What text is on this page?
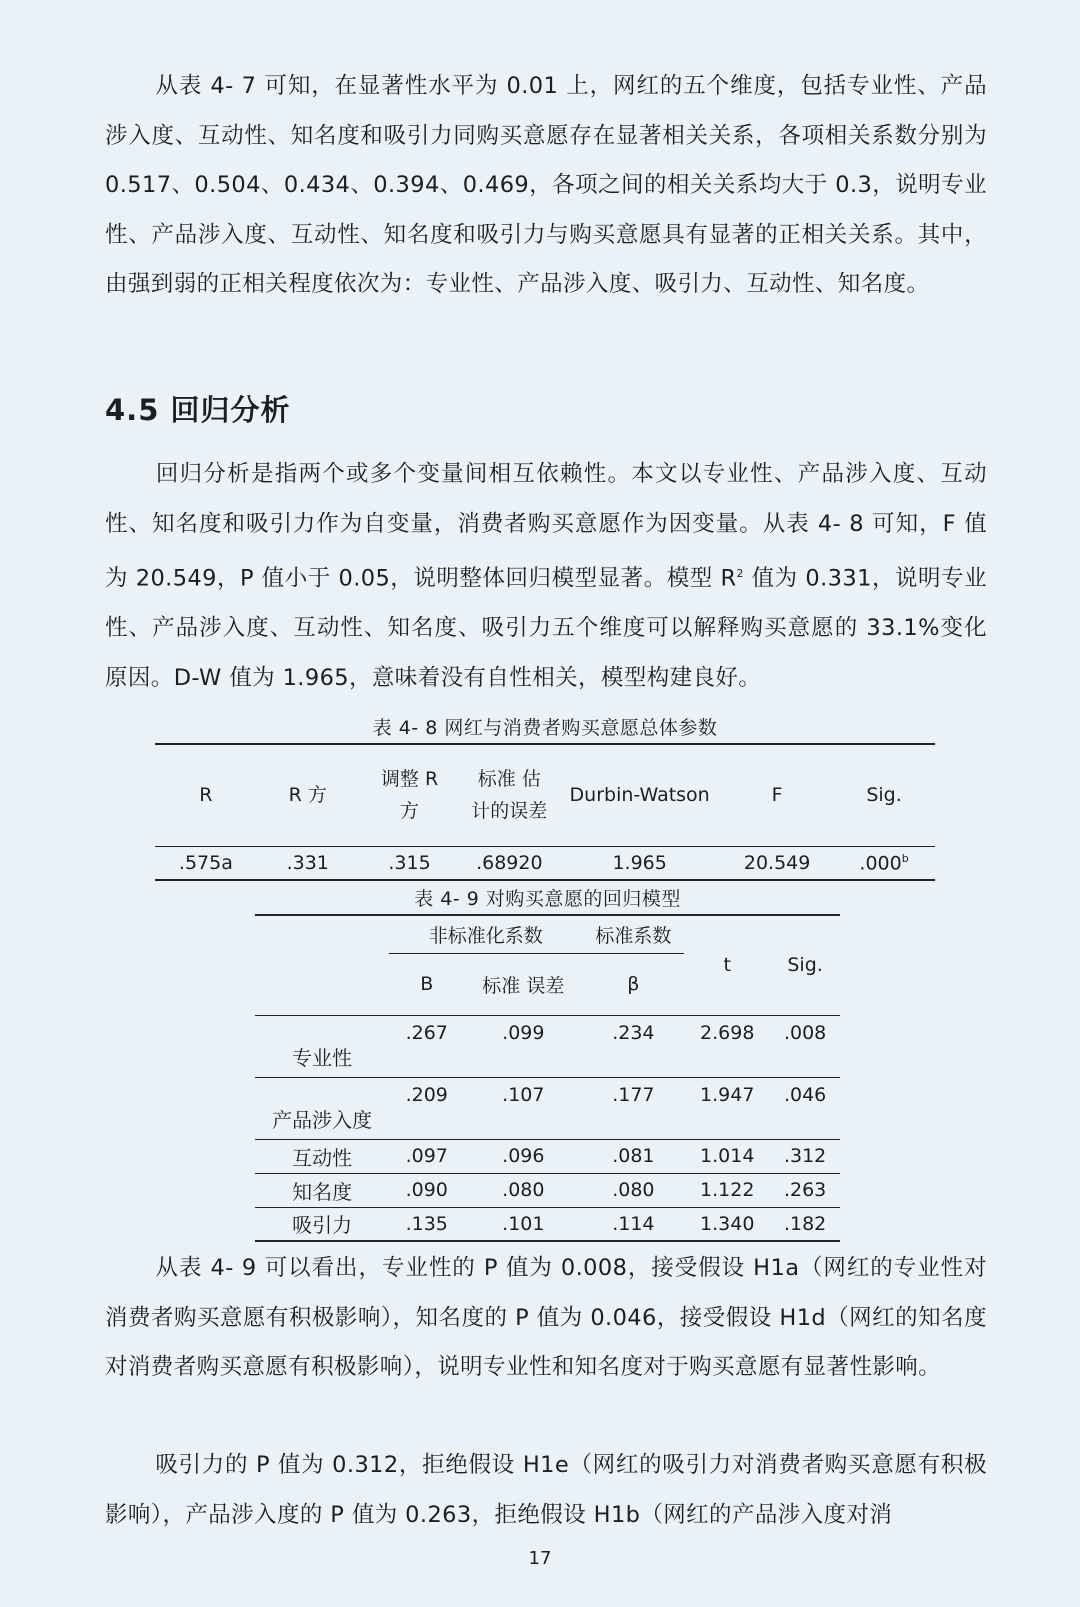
从表 4- 7 可知，在显著性水平为 0.01 上，网红的五个维度，包括专业性、产品涉入度、互动性、知名度和吸引力同购买意愿存在显著相关关系，各项相关系数分别为 0.517、0.504、0.434、0.394、0.469，各项之间的相关关系均大于 0.3，说明专业性、产品涉入度、互动性、知名度和吸引力与购买意愿具有显著的正相关关系。其中，由强到弱的正相关程度依次为：专业性、产品涉入度、吸引力、互动性、知名度。

4.5 回归分析

回归分析是指两个或多个变量间相互依赖性。本文以专业性、产品涉入度、互动性、知名度和吸引力作为自变量，消费者购买意愿作为因变量。从表 4- 8 可知，F 值为 20.549，P 值小于 0.05，说明整体回归模型显著。模型 $R^2$ 值为 0.331，说明专业性、产品涉入度、互动性、知名度、吸引力五个维度可以解释购买意愿的 33.1%变化原因。D-W 值为 1.965，意味着没有自性相关，模型构建良好。

表 4- 8 网红与消费者购买意愿总体参数
R	R 方	调整 R 方	标准 估计的误差	Durbin-Watson	F	Sig.
.575a	.331	.315	.68920	1.965	20.549	.000$^b$
表 4- 9 对购买意愿的回归模型
	非标准化系数		标准系数	t	Sig.
	B	标准 误差	β		
专业性	.267	.099	.234	2.698	.008
产品涉入度	.209	.107	.177	1.947	.046
互动性	.097	.096	.081	1.014	.312
知名度	.090	.080	.080	1.122	.263
吸引力	.135	.101	.114	1.340	.182

从表 4- 9 可以看出，专业性的 P 值为 0.008，接受假设 H1a（网红的专业性对消费者购买意愿有积极影响），知名度的 P 值为 0.046，接受假设 H1d（网红的知名度对消费者购买意愿有积极影响），说明专业性和知名度对于购买意愿有显著性影响。

吸引力的 P 值为 0.312，拒绝假设 H1e（网红的吸引力对消费者购买意愿有积极影响），产品涉入度的 P 值为 0.263，拒绝假设 H1b（网红的产品涉入度对消

17
